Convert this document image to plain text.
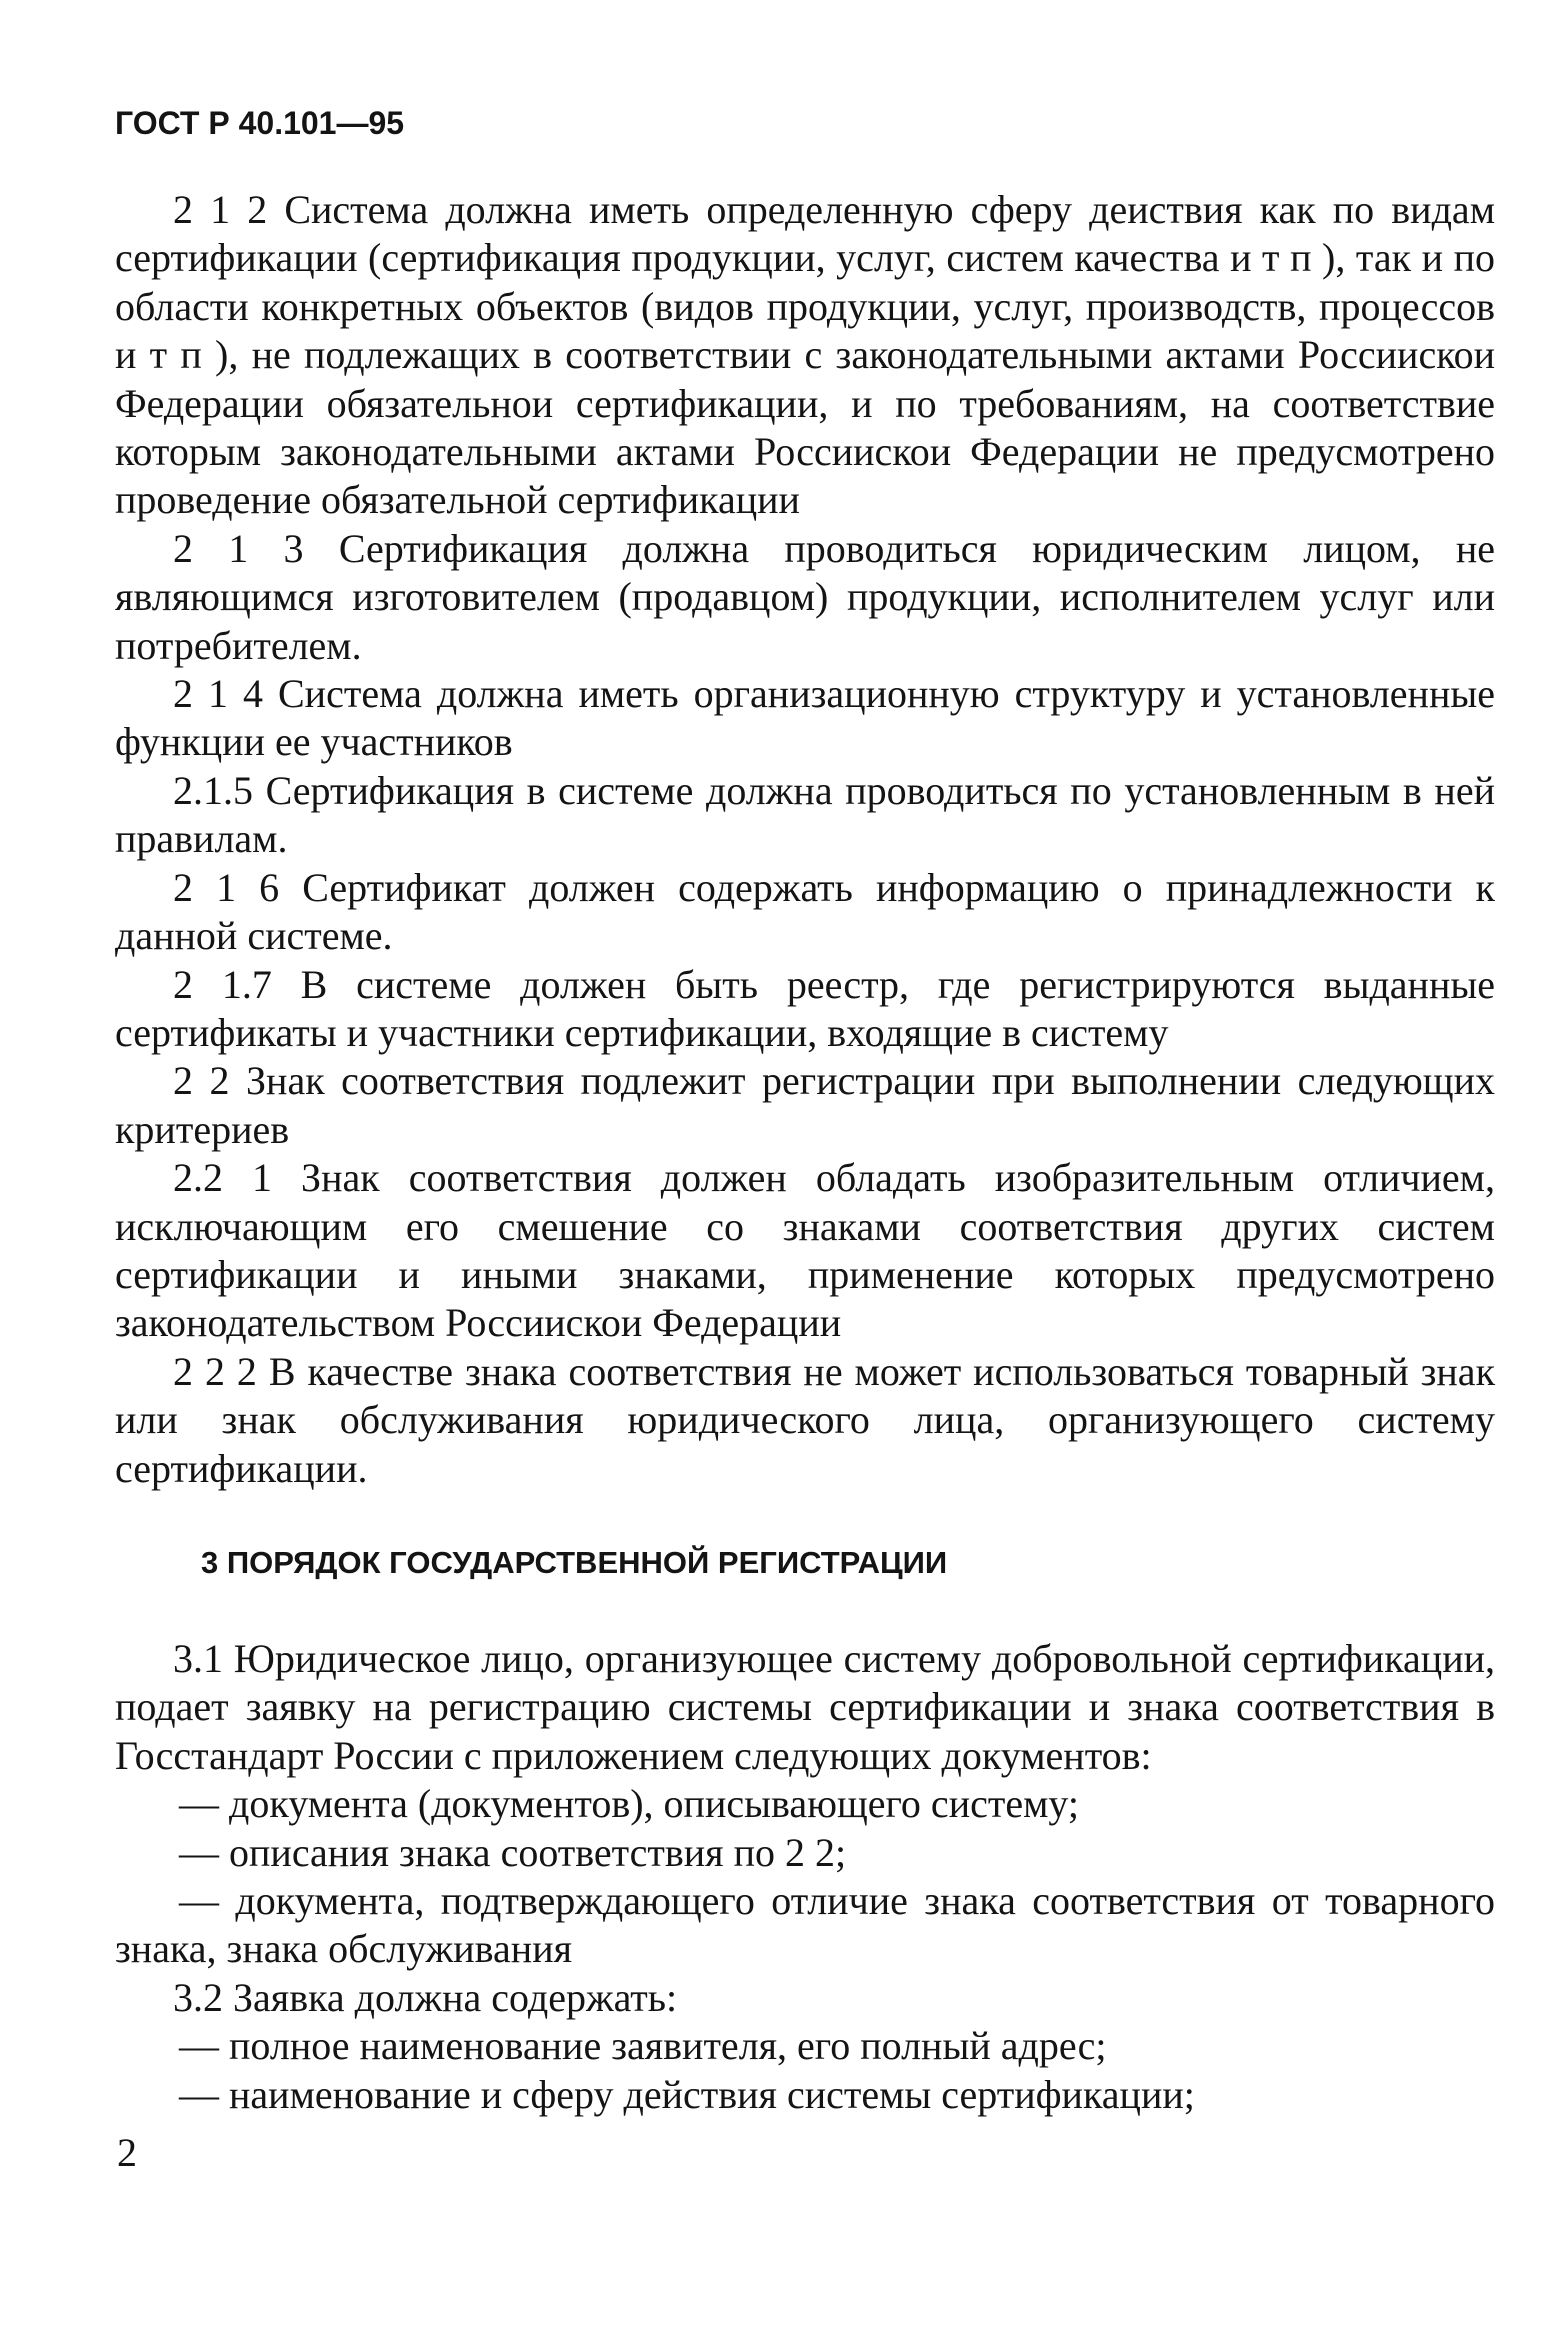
ГОСТ Р 40.101—95

2 1 2 Система должна иметь определенную сферу деиствия как по видам сертификации (сертификация продукции, услуг, систем качества и т п ), так и по области конкретных объектов (видов продукции, услуг, производств, процессов и т п ), не подлежащих в соответствии с законодательными актами Россиискои Федерации обязательнои сертификации, и по требованиям, на соответствие которым законодательными актами Россиискои Федерации не предусмотрено проведение обязательной сертификации

2 1 3 Сертификация должна проводиться юридическим лицом, не являющимся изготовителем (продавцом) продукции, исполнителем услуг или потребителем.

2 1 4 Система должна иметь организационную структуру и установленные функции ее участников

2.1.5 Сертификация в системе должна проводиться по установленным в ней правилам.

2 1 6 Сертификат должен содержать информацию о принадлежности к данной системе.

2 1.7 В системе должен быть реестр, где регистрируются выданные сертификаты и участники сертификации, входящие в систему

2 2 Знак соответствия подлежит регистрации при выполнении следующих критериев

2.2 1 Знак соответствия должен обладать изобразительным отличием, исключающим его смешение со знаками соответствия других систем сертификации и иными знаками, применение которых предусмотрено законодательством Россиискои Федерации

2 2 2 В качестве знака соответствия не может использоваться товарный знак или знак обслуживания юридического лица, организующего систему сертификации.

3 ПОРЯДОК ГОСУДАРСТВЕННОЙ РЕГИСТРАЦИИ

3.1 Юридическое лицо, организующее систему добровольной сертификации, подает заявку на регистрацию системы сертификации и знака соответствия в Госстандарт России с приложением следующих документов:

— документа (документов), описывающего систему;

— описания знака соответствия по 2 2;

— документа, подтверждающего отличие знака соответствия от товарного знака, знака обслуживания

3.2 Заявка должна содержать:

— полное наименование заявителя, его полный адрес;

— наименование и сферу действия системы сертификации;

2
